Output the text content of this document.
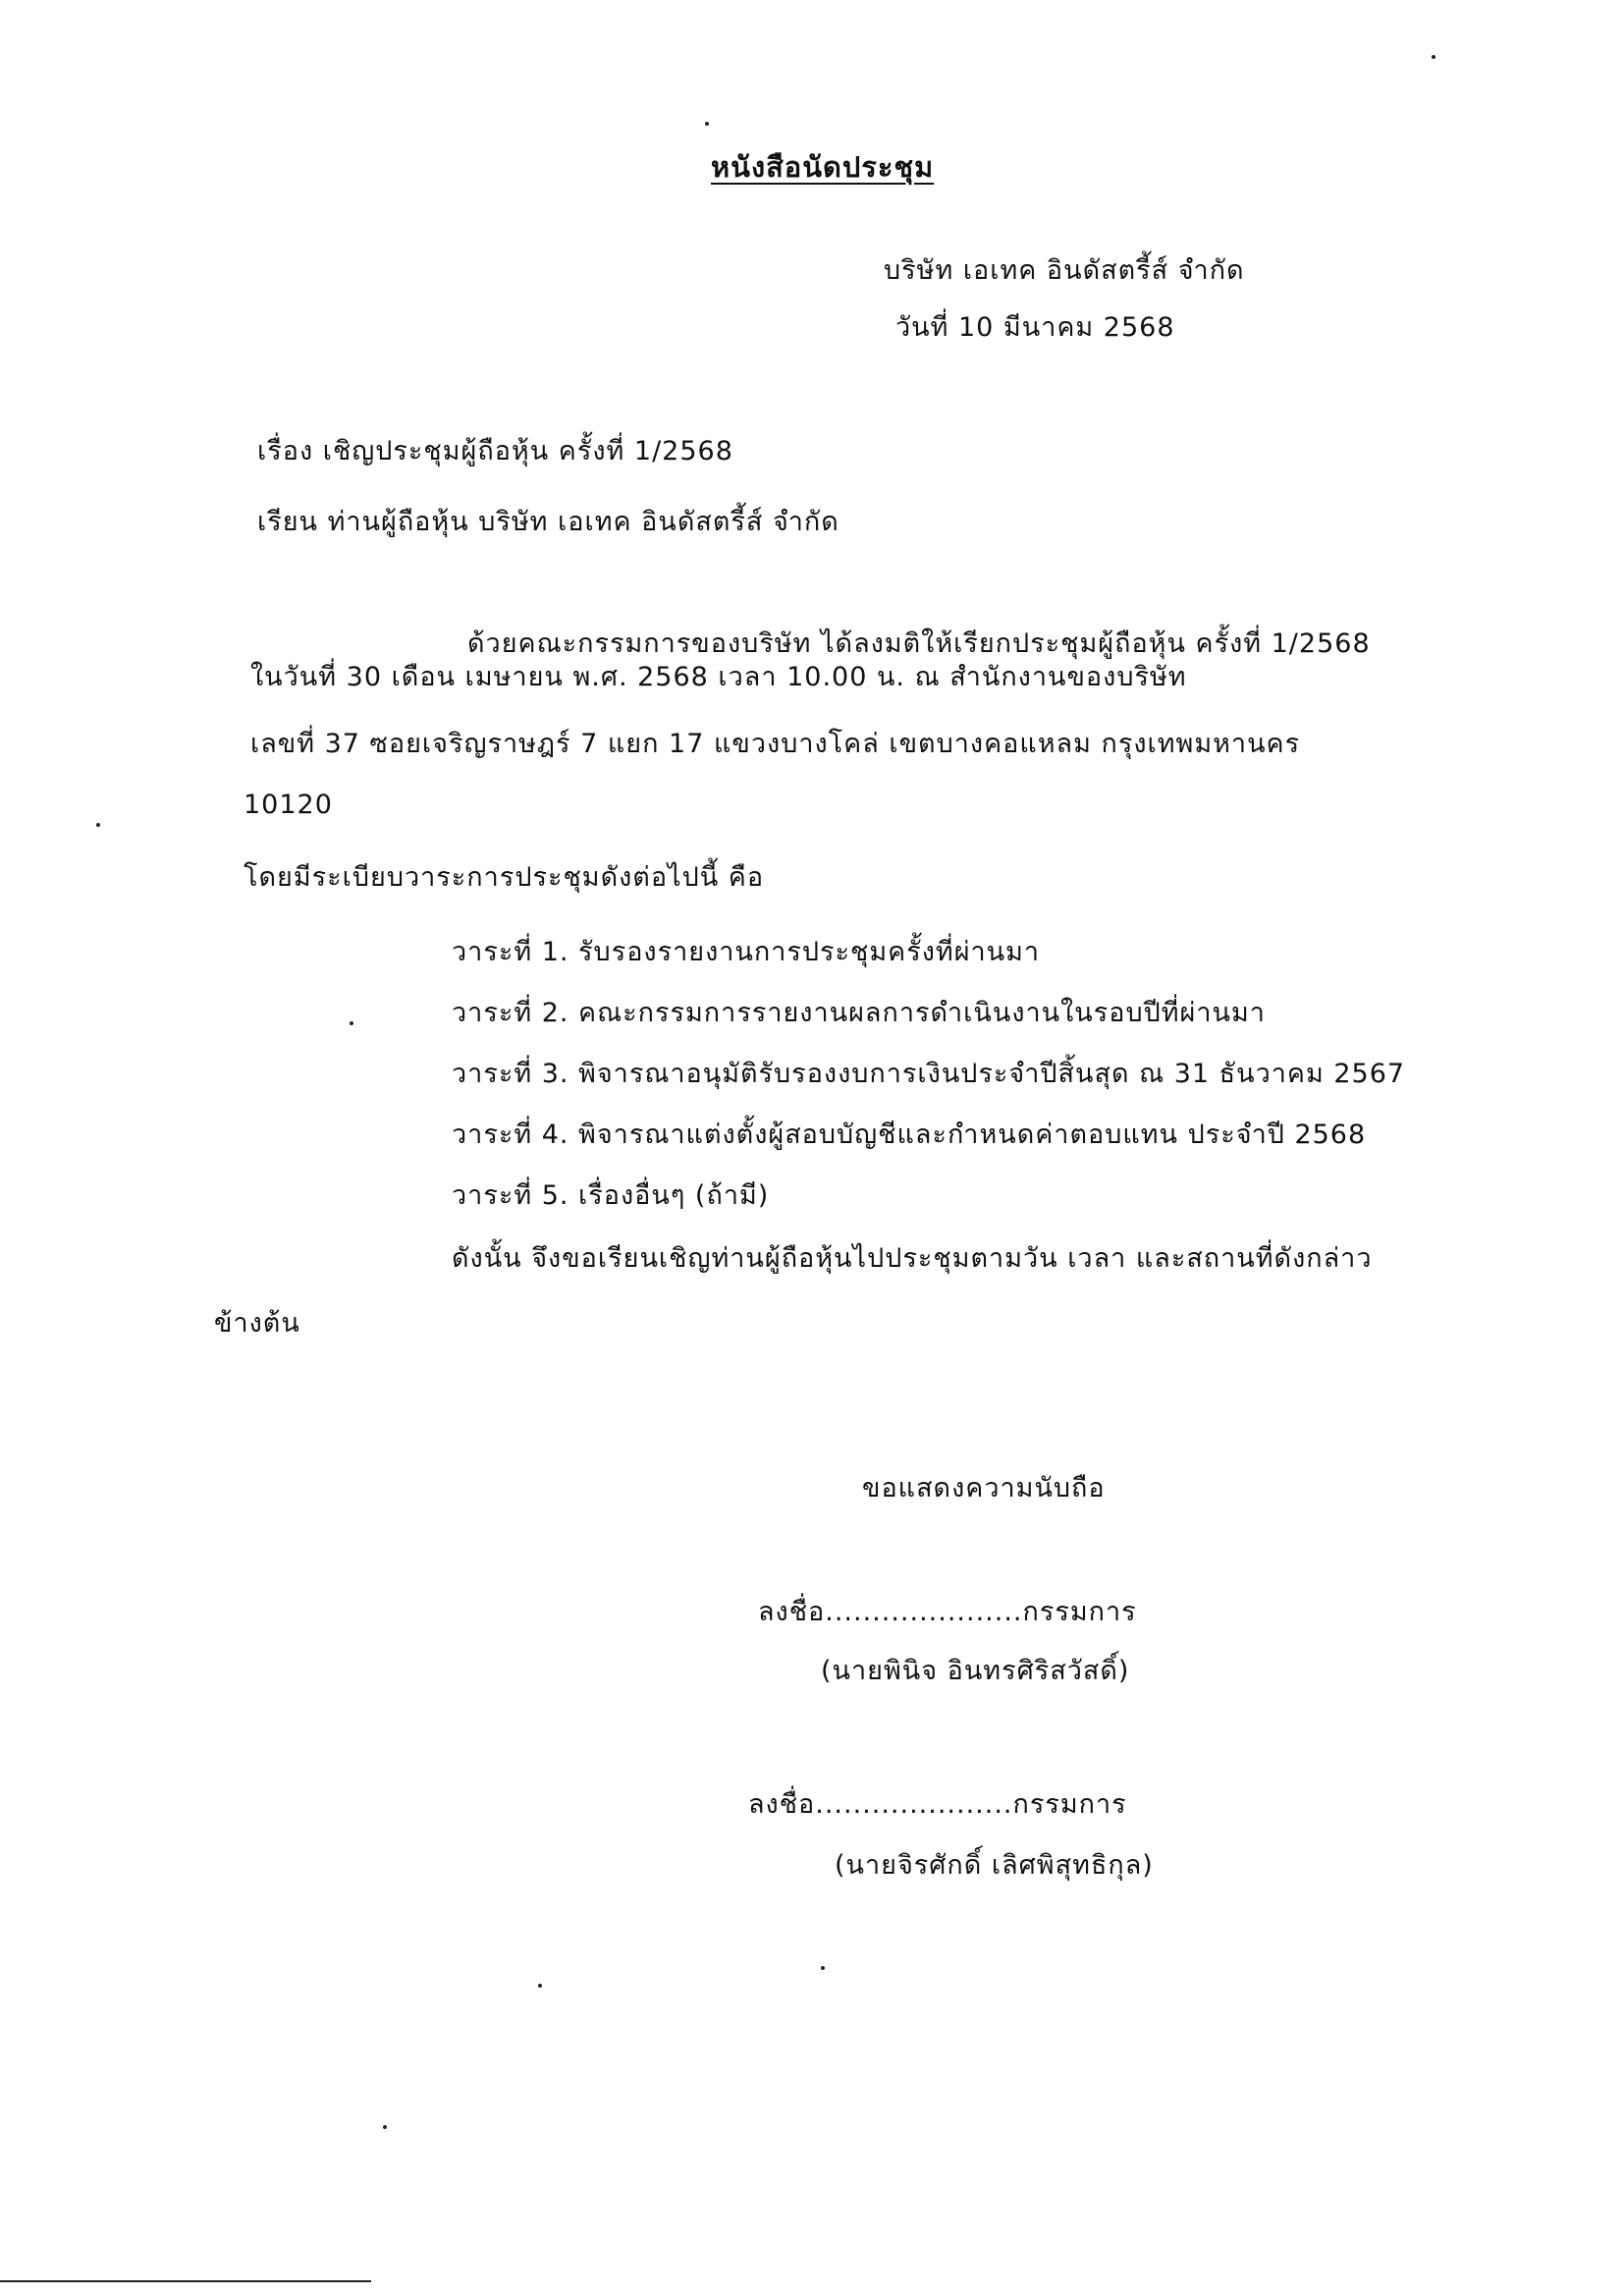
หนังสือนัดประชุม
บริษัท เอเทค อินดัสตรี้ส์ จำกัด
วันที่ 10 มีนาคม 2568
เรื่อง เชิญประชุมผู้ถือหุ้น ครั้งที่ 1/2568
เรียน ท่านผู้ถือหุ้น บริษัท เอเทค อินดัสตรี้ส์ จำกัด
ด้วยคณะกรรมการของบริษัท ได้ลงมติให้เรียกประชุมผู้ถือหุ้น ครั้งที่ 1/2568
ในวันที่ 30 เดือน เมษายน พ.ศ. 2568 เวลา 10.00 น. ณ สำนักงานของบริษัท
เลขที่ 37 ซอยเจริญราษฎร์ 7 แยก 17 แขวงบางโคล่ เขตบางคอแหลม กรุงเทพมหานคร
10120
โดยมีระเบียบวาระการประชุมดังต่อไปนี้ คือ
วาระที่ 1. รับรองรายงานการประชุมครั้งที่ผ่านมา
วาระที่ 2. คณะกรรมการรายงานผลการดำเนินงานในรอบปีที่ผ่านมา
วาระที่ 3. พิจารณาอนุมัติรับรองงบการเงินประจำปีสิ้นสุด ณ 31 ธันวาคม 2567
วาระที่ 4. พิจารณาแต่งตั้งผู้สอบบัญชีและกำหนดค่าตอบแทน ประจำปี 2568
วาระที่ 5. เรื่องอื่นๆ (ถ้ามี)
ดังนั้น จึงขอเรียนเชิญท่านผู้ถือหุ้นไปประชุมตามวัน เวลา และสถานที่ดังกล่าว
ข้างต้น
ขอแสดงความนับถือ
ลงชื่อ.....................กรรมการ
(นายพินิจ อินทรศิริสวัสดิ์)
ลงชื่อ.....................กรรมการ
(นายจิรศักดิ์ เลิศพิสุทธิกุล)
